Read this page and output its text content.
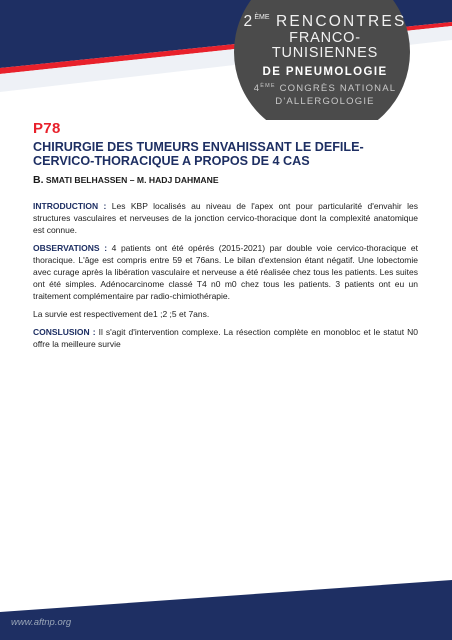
2ÈME RENCONTRES
FRANCO-TUNISIENNES
DE PNEUMOLOGIE
4ÈME CONGRÈS NATIONAL
D'ALLERGOLOGIE
P78
CHIRURGIE DES TUMEURS ENVAHISSANT LE DEFILE-CERVICO-THORACIQUE A PROPOS DE 4 CAS
B. SMATI BELHASSEN – M. HADJ DAHMANE

INTRODUCTION : Les KBP localisés au niveau de l'apex ont pour particularité d'envahir les structures vasculaires et nerveuses de la jonction cervico-thoracique dont la complexité anatomique est connue.

OBSERVATIONS : 4 patients ont été opérés (2015-2021) par double voie cervico-thoracique et thoracique. L'âge est compris entre 59 et 76ans. Le bilan d'extension étant négatif. Une lobectomie avec curage après la libération vasculaire et nerveuse a été réalisée chez tous les patients. Les suites ont été simples. Adénocarcinome classé T4 n0 m0 chez tous les patients. 3 patients ont eu un traitement complémentaire par radio-chimiothérapie.

La survie est respectivement de1 ;2 ;5 et 7ans.

CONSLUSION : Il s'agit d'intervention complexe. La résection complète en monobloc et le statut N0 offre la meilleure survie

www.aftnp.org
